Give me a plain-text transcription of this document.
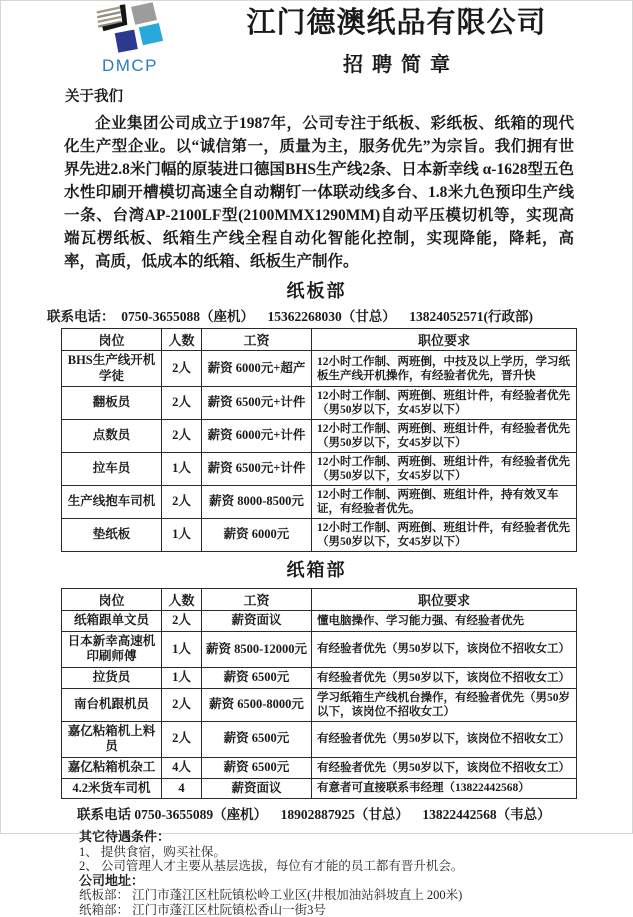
DMCP
江门德澳纸品有限公司
招聘简章
关于我们

企业集团公司成立于1987年，公司专注于纸板、彩纸板、纸箱的现代化生产型企业。以“诚信第一，质量为主，服务优先”为宗旨。我们拥有世界先进2.8米门幅的原装进口德国BHS生产线2条、日本新幸线 α-1628型五色水性印刷开槽模切高速全自动糊钉一体联动线多台、1.8米九色预印生产线一条、台湾AP-2100LF型(2100MMX1290MM)自动平压模切机等，实现高端瓦楞纸板、纸箱生产线全程自动化智能化控制，实现降能，降耗，高率，高质，低成本的纸箱、纸板生产制作。

纸板部
联系电话：  0750-3655088（座机）    15362268030（甘总）    13824052571(行政部)
岗位	人数	工资	职位要求
BHS生产线开机学徒	2人	薪资 6000元+超产	12小时工作制、两班倒，中技及以上学历，学习纸板生产线开机操作，有经验者优先，晋升快
翻板员	2人	薪资 6500元+计件	12小时工作制、两班倒、班组计件，有经验者优先（男50岁以下，女45岁以下）
点数员	2人	薪资 6000元+计件	12小时工作制、两班倒、班组计件，有经验者优先（男50岁以下，女45岁以下）
拉车员	1人	薪资 6500元+计件	12小时工作制、两班倒、班组计件，有经验者优先（男50岁以下，女45岁以下）
生产线抱车司机	2人	薪资 8000-8500元	12小时工作制、两班倒、班组计件，持有效叉车证，有经验者优先。
垫纸板	1人	薪资 6000元	12小时工作制、两班倒、班组计件，有经验者优先（男50岁以下，女45岁以下）
纸箱部
岗位	人数	工资	职位要求
纸箱跟单文员	2人	薪资面议	懂电脑操作、学习能力强、有经验者优先
日本新幸高速机印刷师傅	1人	薪资 8500-12000元	有经验者优先（男50岁以下，该岗位不招收女工）
拉货员	1人	薪资 6500元	有经验者优先（男50岁以下，该岗位不招收女工）
南台机跟机员	2人	薪资 6500-8000元	学习纸箱生产线机台操作，有经验者优先（男50岁以下，该岗位不招收女工）
嘉亿粘箱机上料员	2人	薪资 6500元	有经验者优先（男50岁以下，该岗位不招收女工）
嘉亿粘箱机杂工	4人	薪资 6500元	有经验者优先（男50岁以下，该岗位不招收女工）
4.2米货车司机	4	薪资面议	有意者可直接联系韦经理（13822442568）
联系电话 0750-3655089（座机）    18902887925（甘总）    13822442568（韦总）
其它待遇条件：
1、 提供食宿，购买社保。
2、 公司管理人才主要从基层选拔，每位有才能的员工都有晋升机会。
公司地址：
纸板部： 江门市蓬江区杜阮镇松岭工业区(井根加油站斜坡直上 200米)
纸箱部： 江门市蓬江区杜阮镇松香山一街3号
